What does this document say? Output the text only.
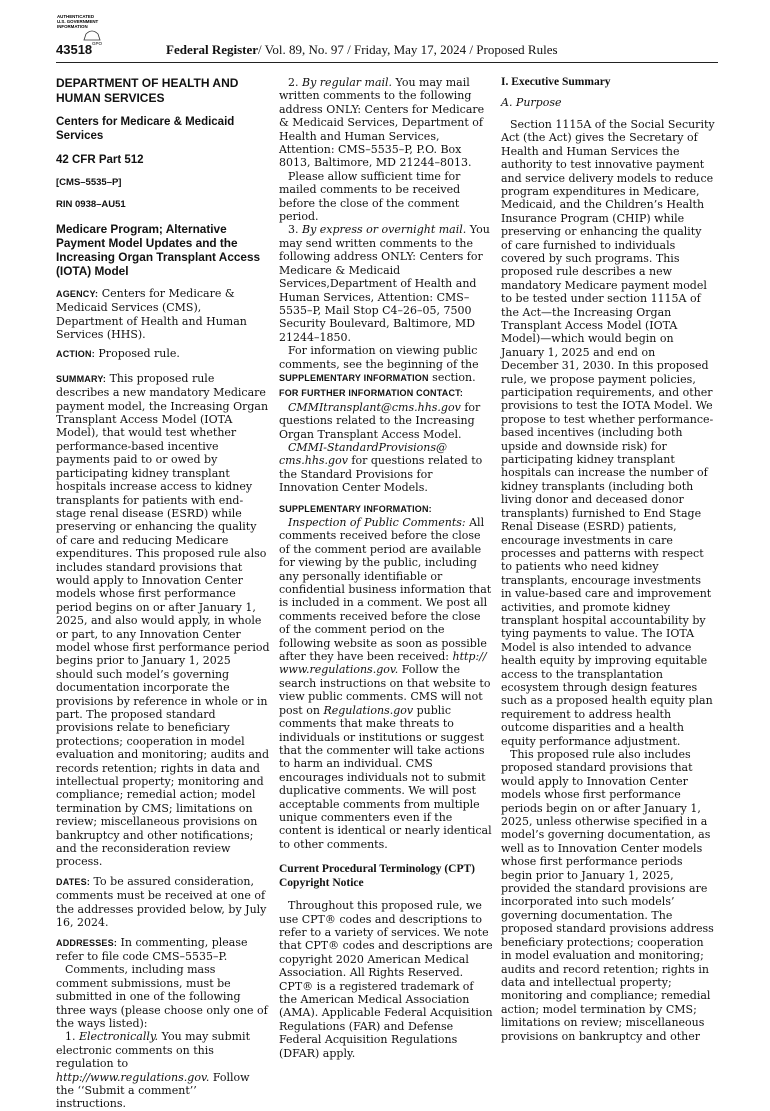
AUTHENTICATED
U.S. GOVERNMENT
INFORMATION
GPO
43518	Federal Register/ Vol. 89, No. 97 / Friday, May 17, 2024 / Proposed Rules

DEPARTMENT OF HEALTH AND HUMAN SERVICES

Centers for Medicare & Medicaid Services

42 CFR Part 512

[CMS–5535–P]

RIN 0938–AU51

Medicare Program; Alternative Payment Model Updates and the Increasing Organ Transplant Access (IOTA) Model

AGENCY: Centers for Medicare & Medicaid Services (CMS), Department of Health and Human Services (HHS).

ACTION: Proposed rule.

SUMMARY: This proposed rule describes a new mandatory Medicare payment model, the Increasing Organ Transplant Access Model (IOTA Model), that would test whether performance-based incentive payments paid to or owed by participating kidney transplant hospitals increase access to kidney transplants for patients with end-stage renal disease (ESRD) while preserving or enhancing the quality of care and reducing Medicare expenditures. This proposed rule also includes standard provisions that would apply to Innovation Center models whose first performance period begins on or after January 1, 2025, and also would apply, in whole or part, to any Innovation Center model whose first performance period begins prior to January 1, 2025 should such model’s governing documentation incorporate the provisions by reference in whole or in part. The proposed standard provisions relate to beneficiary protections; cooperation in model evaluation and monitoring; audits and records retention; rights in data and intellectual property; monitoring and compliance; remedial action; model termination by CMS; limitations on review; miscellaneous provisions on bankruptcy and other notifications; and the reconsideration review process.

DATES: To be assured consideration, comments must be received at one of the addresses provided below, by July 16, 2024.

ADDRESSES: In commenting, please refer to file code CMS–5535–P.

Comments, including mass comment submissions, must be submitted in one of the following three ways (please choose only one of the ways listed):

1. Electronically. You may submit electronic comments on this regulation to http://www.regulations.gov. Follow the ‘‘Submit a comment’’ instructions.

2. By regular mail. You may mail written comments to the following address ONLY: Centers for Medicare & Medicaid Services, Department of Health and Human Services, Attention: CMS–5535–P, P.O. Box 8013, Baltimore, MD 21244–8013.

Please allow sufficient time for mailed comments to be received before the close of the comment period.

3. By express or overnight mail. You may send written comments to the following address ONLY: Centers for Medicare & Medicaid Services,Department of Health and Human Services, Attention: CMS–5535–P, Mail Stop C4–26–05, 7500 Security Boulevard, Baltimore, MD 21244–1850.

For information on viewing public comments, see the beginning of the SUPPLEMENTARY INFORMATION section.

FOR FURTHER INFORMATION CONTACT:

CMMItransplant@cms.hhs.gov for questions related to the Increasing Organ Transplant Access Model.

CMMI-StandardProvisions@ cms.hhs.gov for questions related to the Standard Provisions for Innovation Center Models.

SUPPLEMENTARY INFORMATION:

Inspection of Public Comments: All comments received before the close of the comment period are available for viewing by the public, including any personally identifiable or confidential business information that is included in a comment. We post all comments received before the close of the comment period on the following website as soon as possible after they have been received: http:// www.regulations.gov. Follow the search instructions on that website to view public comments. CMS will not post on Regulations.gov public comments that make threats to individuals or institutions or suggest that the commenter will take actions to harm an individual. CMS encourages individuals not to submit duplicative comments. We will post acceptable comments from multiple unique commenters even if the content is identical or nearly identical to other comments.

Current Procedural Terminology (CPT) Copyright Notice

Throughout this proposed rule, we use CPT® codes and descriptions to refer to a variety of services. We note that CPT® codes and descriptions are copyright 2020 American Medical Association. All Rights Reserved. CPT® is a registered trademark of the American Medical Association (AMA). Applicable Federal Acquisition Regulations (FAR) and Defense Federal Acquisition Regulations (DFAR) apply.

I. Executive Summary

A. Purpose

Section 1115A of the Social Security Act (the Act) gives the Secretary of Health and Human Services the authority to test innovative payment and service delivery models to reduce program expenditures in Medicare, Medicaid, and the Children’s Health Insurance Program (CHIP) while preserving or enhancing the quality of care furnished to individuals covered by such programs. This proposed rule describes a new mandatory Medicare payment model to be tested under section 1115A of the Act—the Increasing Organ Transplant Access Model (IOTA Model)—which would begin on January 1, 2025 and end on December 31, 2030. In this proposed rule, we propose payment policies, participation requirements, and other provisions to test the IOTA Model. We propose to test whether performance-based incentives (including both upside and downside risk) for participating kidney transplant hospitals can increase the number of kidney transplants (including both living donor and deceased donor transplants) furnished to End Stage Renal Disease (ESRD) patients, encourage investments in care processes and patterns with respect to patients who need kidney transplants, encourage investments in value-based care and improvement activities, and promote kidney transplant hospital accountability by tying payments to value. The IOTA Model is also intended to advance health equity by improving equitable access to the transplantation ecosystem through design features such as a proposed health equity plan requirement to address health outcome disparities and a health equity performance adjustment.

This proposed rule also includes proposed standard provisions that would apply to Innovation Center models whose first performance periods begin on or after January 1, 2025, unless otherwise specified in a model’s governing documentation, as well as to Innovation Center models whose first performance periods begin prior to January 1, 2025, provided the standard provisions are incorporated into such models’ governing documentation. The proposed standard provisions address beneficiary protections; cooperation in model evaluation and monitoring; audits and record retention; rights in data and intellectual property; monitoring and compliance; remedial action; model termination by CMS; limitations on review; miscellaneous provisions on bankruptcy and other
